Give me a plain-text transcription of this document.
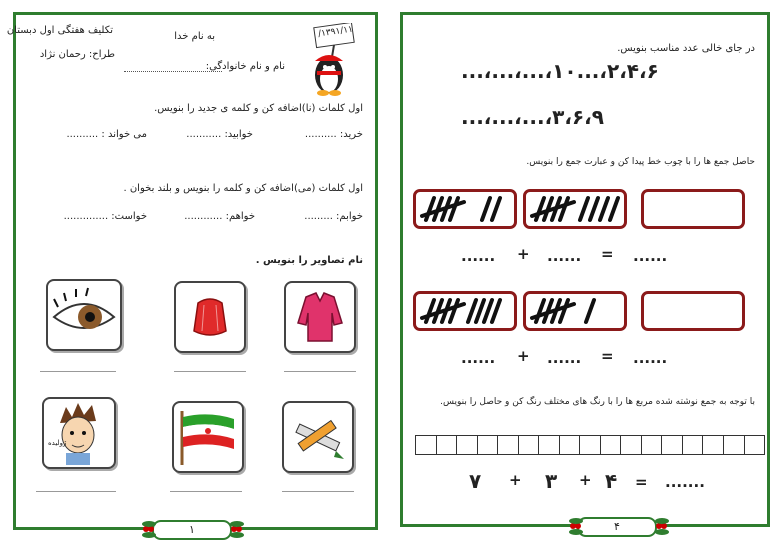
تکلیف هفتگی اول دبستان
طراح: رحمان نژاد
به نام خدا	۱۳۹۱/۱۱/
نام و نام خانوادگی:
اول کلمات (نا)اضافه کن و کلمه ی جدید را بنویس.
خرید: ..........
خوابید: ...........
می خواند : ..........
اول کلمات (می)اضافه کن و کلمه را بنویس و بلند بخوان .
خوابم: .........
خواهم: ............
خواست: ..............
نام تصاویر را بنویس .
ژولیده
۱
در جای خالی عدد مناسب بنویس.
۲،۴،۶،...۱۰،...،...،...
۳،۶،۹،...،...،...
حاصل جمع ها را با چوب خط پیدا کن و عبارت جمع را بنویس.
...... + ...... = ......
...... + ...... = ......
با توجه به جمع نوشته شده مربع ها را با رنگ های مختلف رنگ کن و حاصل را بنویس.
۷ + ۳ + ۴ = .......
۴
